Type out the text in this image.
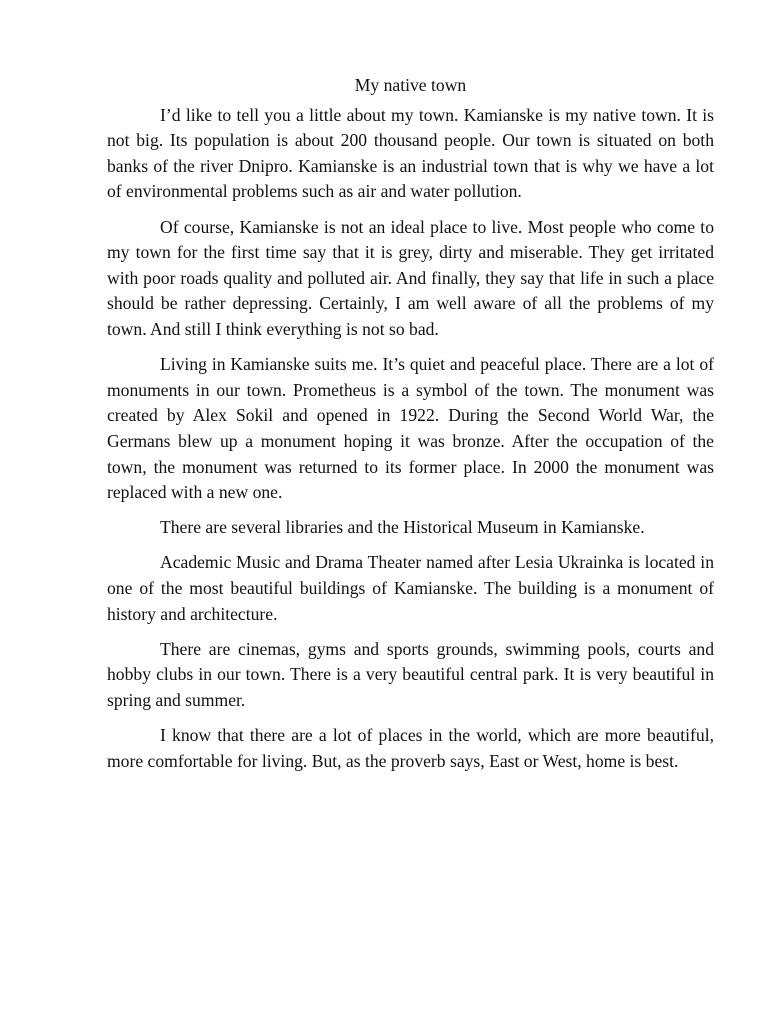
My native town

I’d like to tell you a little about my town. Kamianske is my native town. It is not big. Its population is about 200 thousand people. Our town is situated on both banks of the river Dnipro. Kamianske is an industrial town that is why we have a lot of environmental problems such as air and water pollution.

Of course, Kamianske is not an ideal place to live. Most people who come to my town for the first time say that it is grey, dirty and miserable. They get irritated with poor roads quality and polluted air. And finally, they say that life in such a place should be rather depressing. Certainly, I am well aware of all the problems of my town. And still I think everything is not so bad.

Living in Kamianske suits me. It’s quiet and peaceful place. There are a lot of monuments in our town. Prometheus is a symbol of the town. The monument was created by Alex Sokil and opened in 1922. During the Second World War, the Germans blew up a monument hoping it was bronze. After the occupation of the town, the monument was returned to its former place. In 2000 the monument was replaced with a new one.

There are several libraries and the Historical Museum in Kamianske.

Academic Music and Drama Theater named after Lesia Ukrainka is located in one of the most beautiful buildings of Kamianske. The building is a monument of history and architecture.

There are cinemas, gyms and sports grounds, swimming pools, courts and hobby clubs in our town. There is a very beautiful central park. It is very beautiful in spring and summer.

I know that there are a lot of places in the world, which are more beautiful, more comfortable for living. But, as the proverb says, East or West, home is best.
